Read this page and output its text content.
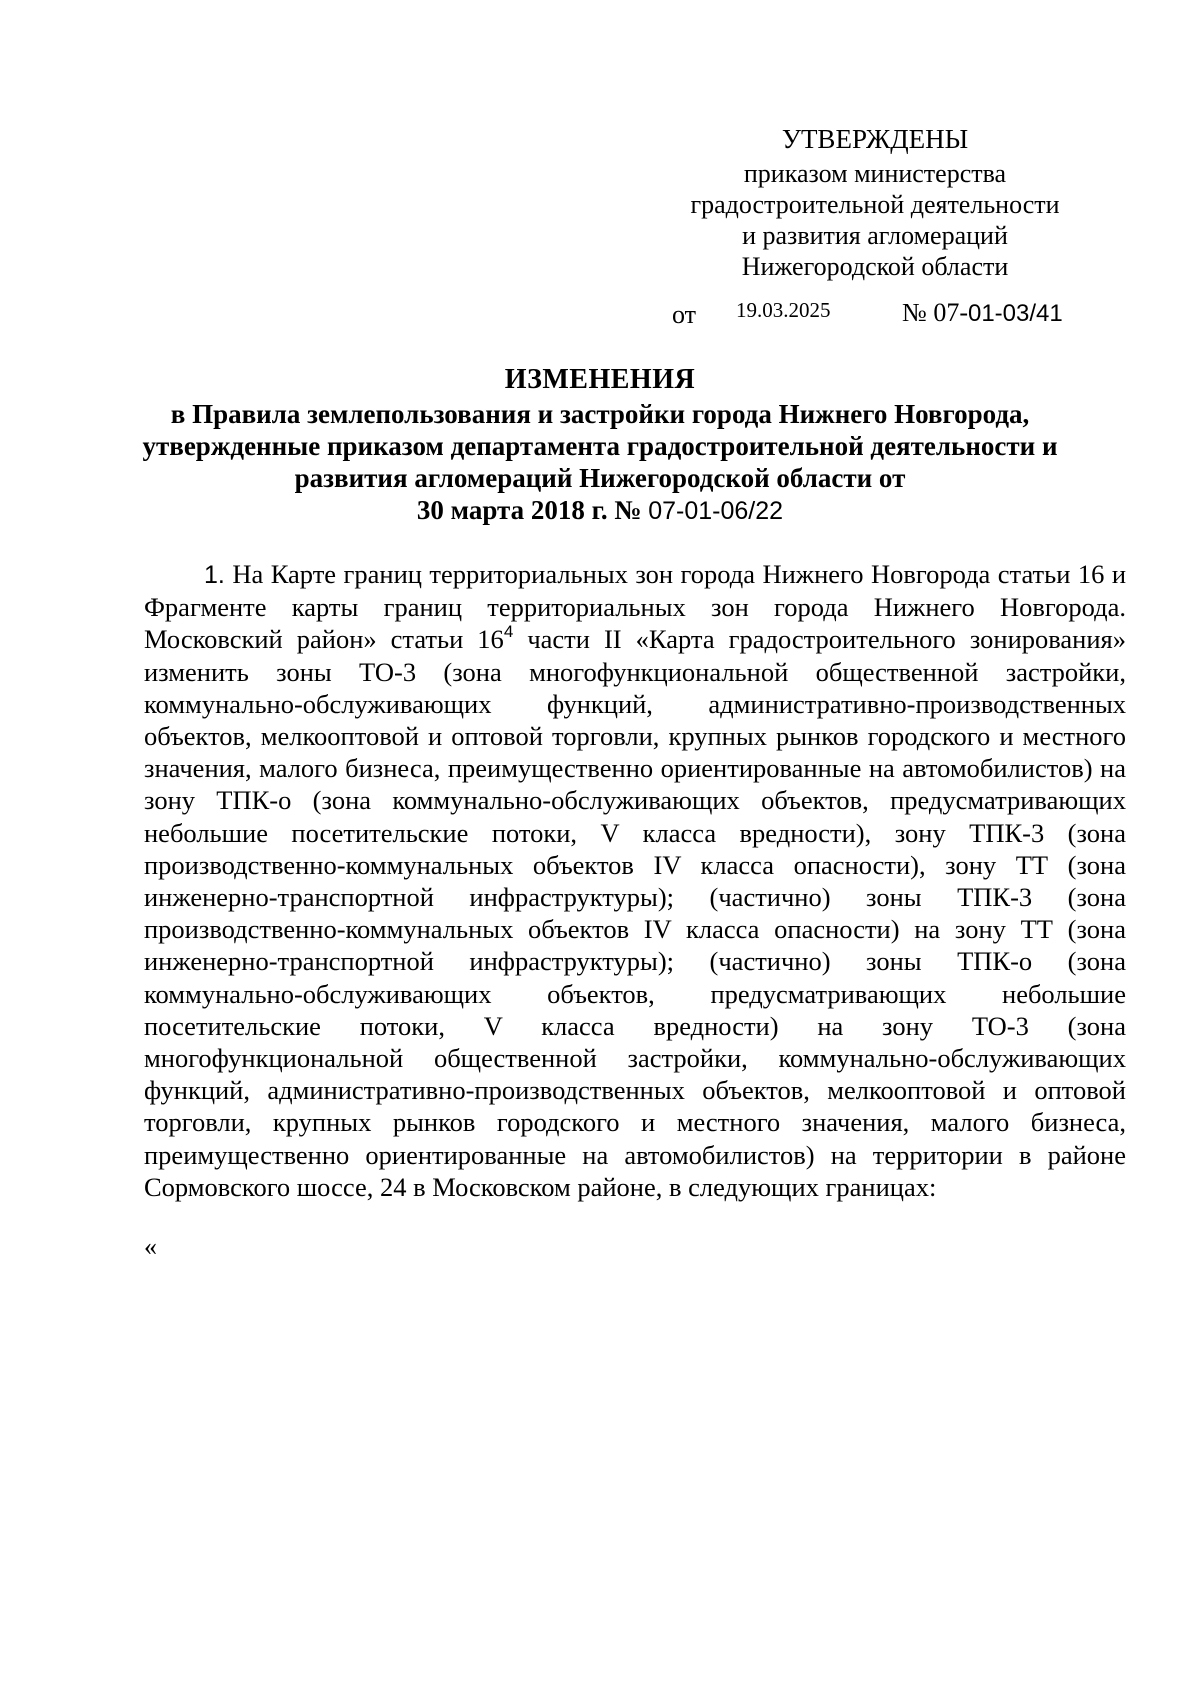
УТВЕРЖДЕНЫ
приказом министерства
градостроительной деятельности
и развития агломераций
Нижегородской области
от 19.03.2025	№ 07-01-03/41
ИЗМЕНЕНИЯ
в Правила землепользования и застройки города Нижнего Новгорода,
утвержденные приказом департамента градостроительной деятельности и
развития агломераций Нижегородской области от
30 марта 2018 г. № 07-01-06/22

1. На Карте границ территориальных зон города Нижнего Новгорода статьи 16 и Фрагменте карты границ территориальных зон города Нижнего Новгорода. Московский район» статьи $16^4$ части II «Карта градостроительного зонирования» изменить зоны ТО-3 (зона многофункциональной общественной застройки, коммунально-обслуживающих функций, административно-производственных объектов, мелкооптовой и оптовой торговли, крупных рынков городского и местного значения, малого бизнеса, преимущественно ориентированные на автомобилистов) на зону ТПК-о (зона коммунально-обслуживающих объектов, предусматривающих небольшие посетительские потоки, V класса вредности), зону ТПК-3 (зона производственно-коммунальных объектов IV класса опасности), зону ТТ (зона инженерно-транспортной инфраструктуры); (частично) зоны ТПК-3 (зона производственно-коммунальных объектов IV класса опасности) на зону ТТ (зона инженерно-транспортной инфраструктуры); (частично) зоны ТПК-о (зона коммунально-обслуживающих объектов, предусматривающих небольшие посетительские потоки, V класса вредности) на зону ТО-3 (зона многофункциональной общественной застройки, коммунально-обслуживающих функций, административно-производственных объектов, мелкооптовой и оптовой торговли, крупных рынков городского и местного значения, малого бизнеса, преимущественно ориентированные на автомобилистов) на территории в районе Сормовского шоссе, 24 в Московском районе, в следующих границах:

«
